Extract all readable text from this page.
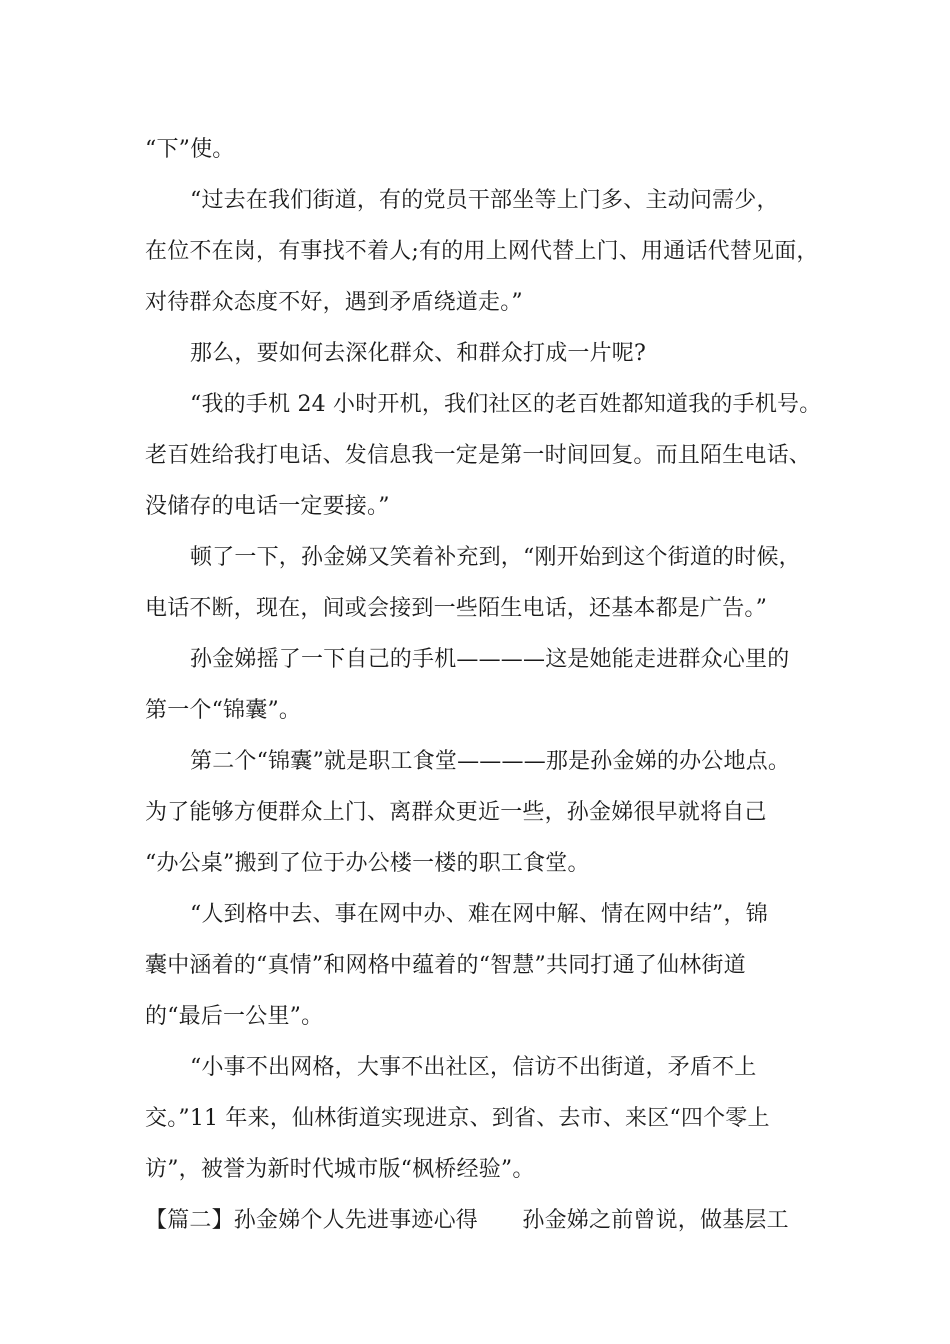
“下”使。
“过去在我们街道，有的党员干部坐等上门多、主动问需少，
在位不在岗，有事找不着人;有的用上网代替上门、用通话代替见面，
对待群众态度不好，遇到矛盾绕道走。”
那么，要如何去深化群众、和群众打成一片呢?
“我的手机 24 小时开机，我们社区的老百姓都知道我的手机号。
老百姓给我打电话、发信息我一定是第一时间回复。而且陌生电话、
没储存的电话一定要接。”
顿了一下，孙金娣又笑着补充到，“刚开始到这个街道的时候，
电话不断，现在，间或会接到一些陌生电话，还基本都是广告。”
孙金娣摇了一下自己的手机————这是她能走进群众心里的
第一个“锦囊”。
第二个“锦囊”就是职工食堂————那是孙金娣的办公地点。
为了能够方便群众上门、离群众更近一些，孙金娣很早就将自己
“办公桌”搬到了位于办公楼一楼的职工食堂。
“人到格中去、事在网中办、难在网中解、情在网中结”，锦
囊中涵着的“真情”和网格中蕴着的“智慧”共同打通了仙林街道
的“最后一公里”。
“小事不出网格，大事不出社区，信访不出街道，矛盾不上
交。”11 年来，仙林街道实现进京、到省、去市、来区“四个零上
访”，被誉为新时代城市版“枫桥经验”。
【篇二】孙金娣个人先进事迹心得　　孙金娣之前曾说，做基层工
